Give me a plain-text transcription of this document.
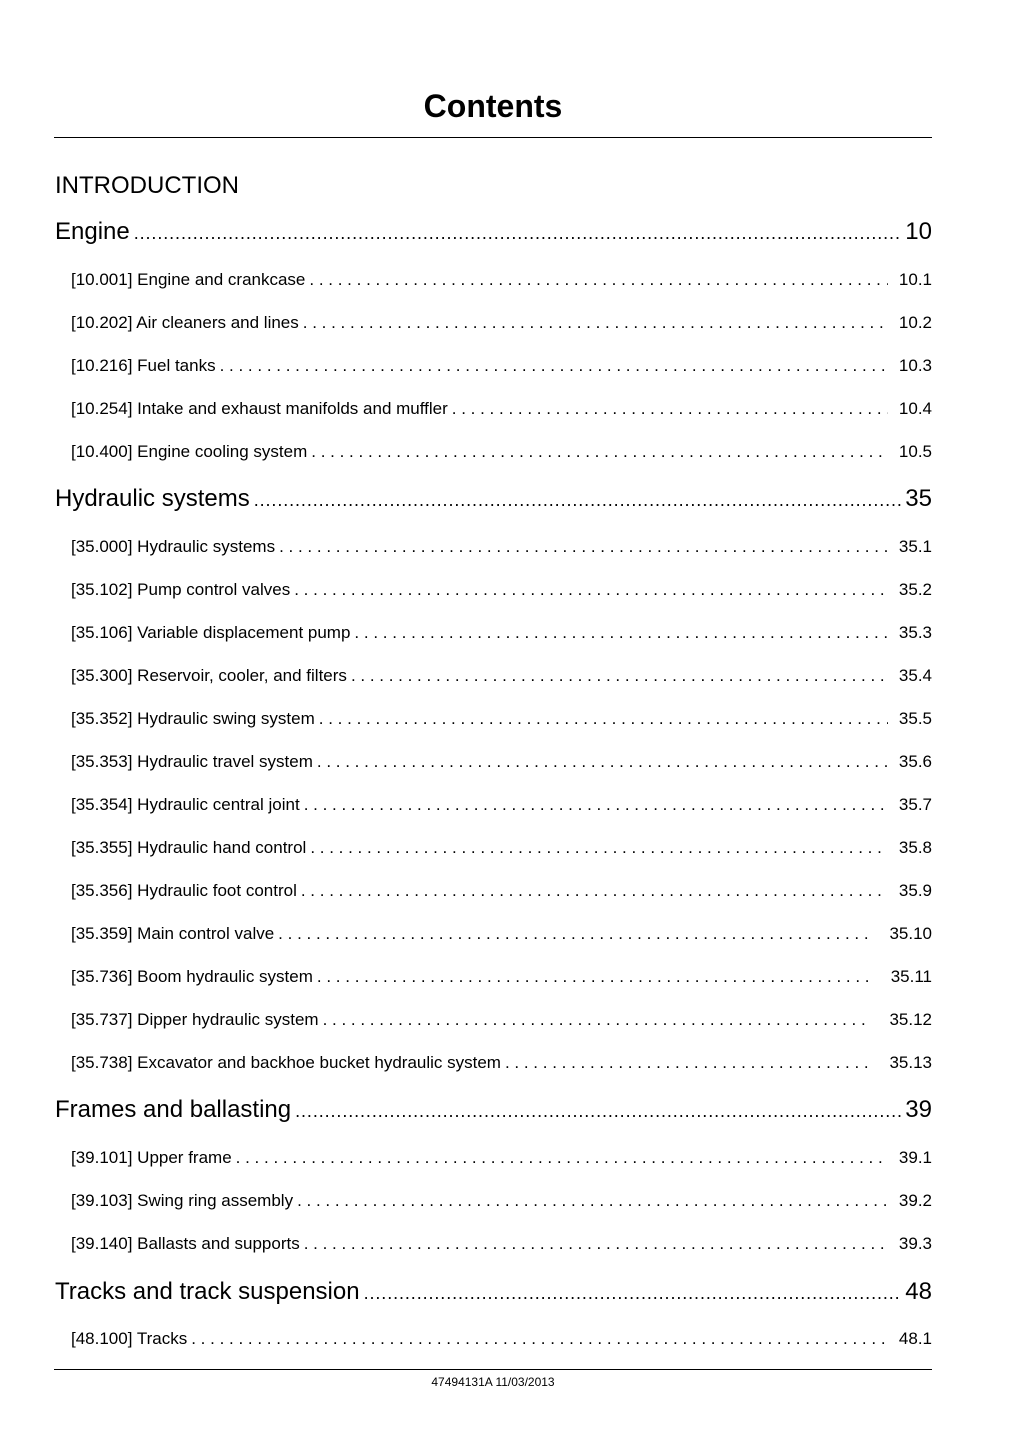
Contents
INTRODUCTION
Engine .....	10
[10.001] Engine and crankcase . . .	10.1
[10.202] Air cleaners and lines . . .	10.2
[10.216] Fuel tanks . . .	10.3
[10.254] Intake and exhaust manifolds and muffler . . .	10.4
[10.400] Engine cooling system . . .	10.5
Hydraulic systems .....	35
[35.000] Hydraulic systems . . .	35.1
[35.102] Pump control valves . . .	35.2
[35.106] Variable displacement pump . . .	35.3
[35.300] Reservoir, cooler, and filters . . .	35.4
[35.352] Hydraulic swing system . . .	35.5
[35.353] Hydraulic travel system . . .	35.6
[35.354] Hydraulic central joint . . .	35.7
[35.355] Hydraulic hand control . . .	35.8
[35.356] Hydraulic foot control . . .	35.9
[35.359] Main control valve . . .	35.10
[35.736] Boom hydraulic system . . .	35.11
[35.737] Dipper hydraulic system . . .	35.12
[35.738] Excavator and backhoe bucket hydraulic system . . .	35.13
Frames and ballasting .....	39
[39.101] Upper frame . . .	39.1
[39.103] Swing ring assembly . . .	39.2
[39.140] Ballasts and supports . . .	39.3
Tracks and track suspension .....	48
[48.100] Tracks . . .	48.1
47494131A 11/03/2013
